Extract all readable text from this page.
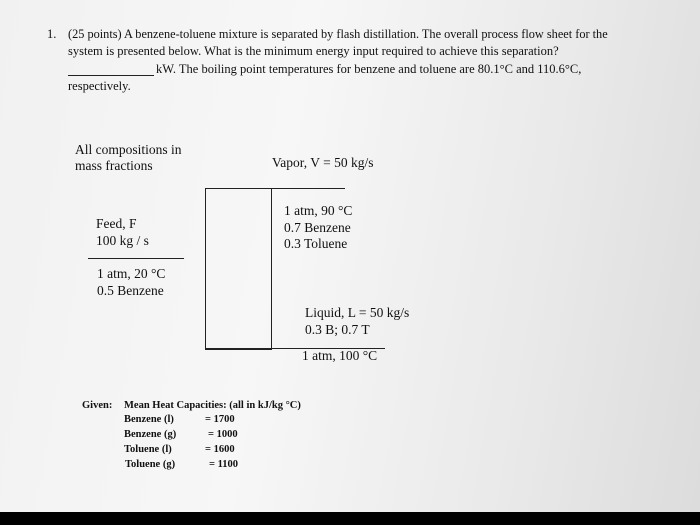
1. (25 points) A benzene-toluene mixture is separated by flash distillation. The overall process flow sheet for the
system is presented below. What is the minimum energy input required to achieve this separation?
kW. The boiling point temperatures for benzene and toluene are 80.1°C and 110.6°C,
respectively.
All compositions in
mass fractions	Vapor, V = 50 kg/s
1 atm, 90 °C
0.7 Benzene
0.3 Toluene
Feed, F
100 kg / s
1 atm, 20 °C
0.5 Benzene
Liquid, L = 50 kg/s
0.3 B; 0.7 T
1 atm, 100 °C
Given: Mean Heat Capacities: (all in kJ/kg °C)
Benzene (l)	= 1700
Benzene (g)	= 1000
Toluene (l)	= 1600
Toluene (g)	= 1100
